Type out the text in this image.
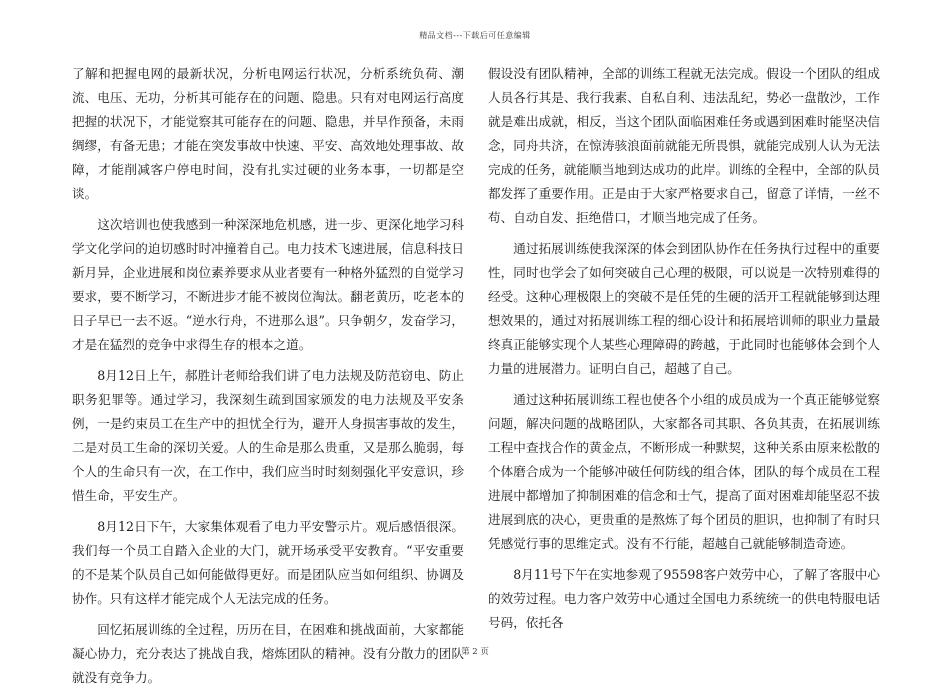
精品文档---下载后可任意编辑

了解和把握电网的最新状况，分析电网运行状况，分析系统负荷、潮流、电压、无功，分析其可能存在的问题、隐患。只有对电网运行高度把握的状况下，才能觉察其可能存在的问题、隐患，并早作预备，未雨绸缪，有备无患；才能在突发事故中快速、平安、高效地处理事故、故障，才能削减客户停电时间，没有扎实过硬的业务本事，一切都是空谈。

这次培训也使我感到一种深深地危机感，进一步、更深化地学习科学文化学问的迫切感时时冲撞着自己。电力技术飞速进展，信息科技日新月异，企业进展和岗位素养要求从业者要有一种格外猛烈的自觉学习要求，要不断学习，不断进步才能不被岗位淘汰。翻老黄历，吃老本的日子早已一去不返。“逆水行舟，不进那么退”。只争朝夕，发奋学习，才是在猛烈的竞争中求得生存的根本之道。

8月12日上午，郝胜计老师给我们讲了电力法规及防范窃电、防止职务犯罪等。通过学习，我深刻生疏到国家颁发的电力法规及平安条例，一是约束员工在生产中的担忧全行为，避开人身损害事故的发生，二是对员工生命的深切关爱。人的生命是那么贵重，又是那么脆弱，每个人的生命只有一次，在工作中，我们应当时时刻刻强化平安意识，珍惜生命，平安生产。

8月12日下午，大家集体观看了电力平安警示片。观后感悟很深。我们每一个员工自踏入企业的大门，就开场承受平安教育。“平安重要的不是某个队员自己如何能做得更好。而是团队应当如何组织、协调及协作。只有这样才能完成个人无法完成的任务。

回忆拓展训练的全过程，历历在目，在困难和挑战面前，大家都能凝心协力，充分表达了挑战自我，熔炼团队的精神。没有分散力的团队就没有竞争力。

假设没有团队精神，全部的训练工程就无法完成。假设一个团队的组成人员各行其是、我行我素、自私自利、违法乱纪，势必一盘散沙，工作就是难出成就，相反，当这个团队面临困难任务或遇到困难时能坚决信念，同舟共济，在惊涛骇浪面前就能无所畏惧，就能完成别人认为无法完成的任务，就能顺当地到达成功的此岸。训练的全程中，全部的队员都发挥了重要作用。正是由于大家严格要求自己，留意了详情，一丝不苟、自动自发、拒绝借口，才顺当地完成了任务。

通过拓展训练使我深深的体会到团队协作在任务执行过程中的重要性，同时也学会了如何突破自己心理的极限，可以说是一次特别难得的经受。这种心理极限上的突破不是任凭的生硬的活开工程就能够到达理想效果的，通过对拓展训练工程的细心设计和拓展培训师的职业力量最终真正能够实现个人某些心理障碍的跨越，于此同时也能够体会到个人力量的进展潜力。证明白自己，超越了自己。

通过这种拓展训练工程也使各个小组的成员成为一个真正能够觉察问题，解决问题的战略团队，大家都各司其职、各负其责，在拓展训练工程中查找合作的黄金点，不断形成一种默契，这种关系由原来松散的个体磨合成为一个能够冲破任何防线的组合体，团队的每个成员在工程进展中都增加了抑制困难的信念和士气，提高了面对困难却能坚忍不拔进展到底的决心，更贵重的是熬炼了每个团员的胆识，也抑制了有时只凭感觉行事的思维定式。没有不行能，超越自己就能够制造奇迹。

8月11号下午在实地参观了95598客户效劳中心，了解了客服中心的效劳过程。电力客户效劳中心通过全国电力系统统一的供电特服电话号码，依托各

第 2 页
